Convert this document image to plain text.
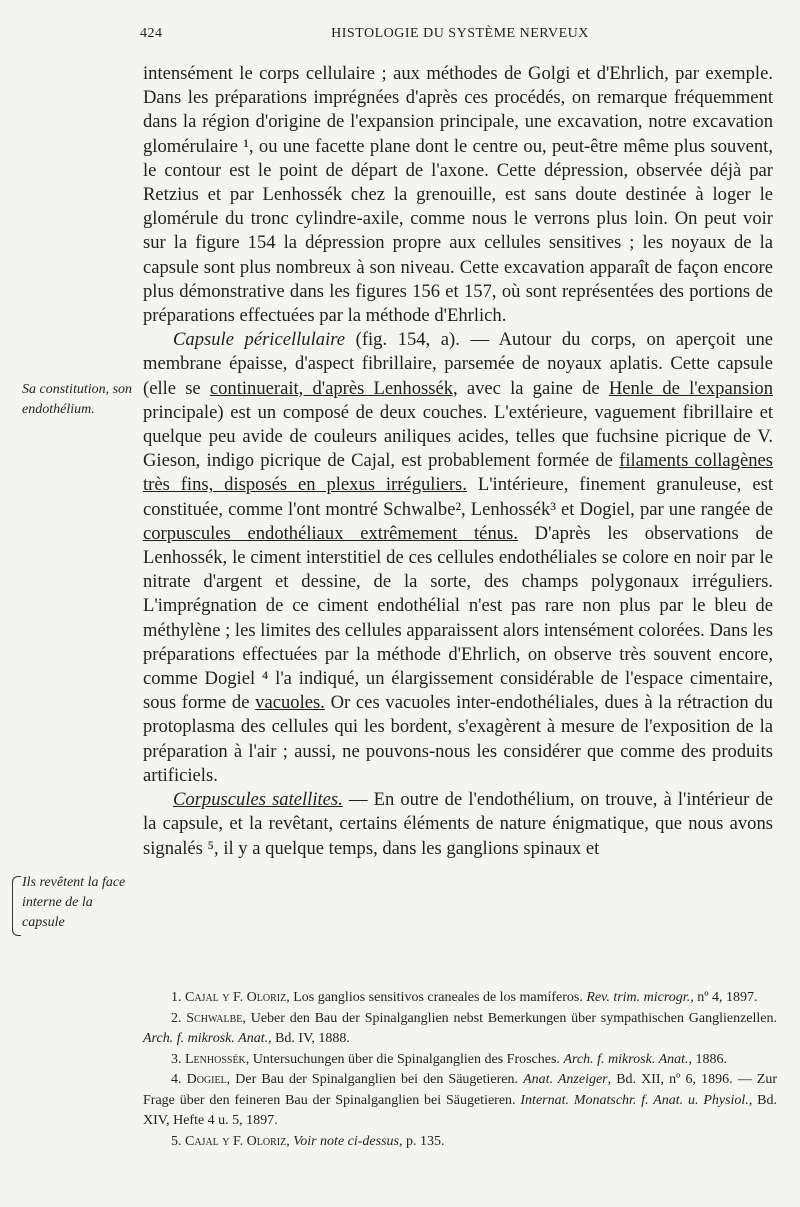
424	HISTOLOGIE DU SYSTÈME NERVEUX
Sa constitution, son endothélium.
Ils revêtent la face interne de la capsule

intensément le corps cellulaire ; aux méthodes de Golgi et d'Ehrlich, par exemple. Dans les préparations imprégnées d'après ces procédés, on remarque fréquemment dans la région d'origine de l'expansion principale, une excavation, notre excavation glomérulaire ¹, ou une facette plane dont le centre ou, peut-être même plus souvent, le contour est le point de départ de l'axone. Cette dépression, observée déjà par Retzius et par Lenhossék chez la grenouille, est sans doute destinée à loger le glomérule du tronc cylindre-axile, comme nous le verrons plus loin. On peut voir sur la figure 154 la dépression propre aux cellules sensitives ; les noyaux de la capsule sont plus nombreux à son niveau. Cette excavation apparaît de façon encore plus démonstrative dans les figures 156 et 157, où sont représentées des portions de préparations effectuées par la méthode d'Ehrlich.

Capsule péricellulaire (fig. 154, a). — Autour du corps, on aperçoit une membrane épaisse, d'aspect fibrillaire, parsemée de noyaux aplatis. Cette capsule (elle se continuerait, d'après Lenhossék, avec la gaine de Henle de l'expansion principale) est un composé de deux couches. L'extérieure, vaguement fibrillaire et quelque peu avide de couleurs aniliques acides, telles que fuchsine picrique de V. Gieson, indigo picrique de Cajal, est probablement formée de filaments collagènes très fins, disposés en plexus irréguliers. L'intérieure, finement granuleuse, est constituée, comme l'ont montré Schwalbe², Lenhossék³ et Dogiel, par une rangée de corpuscules endothéliaux extrêmement ténus. D'après les observations de Lenhossék, le ciment interstitiel de ces cellules endothéliales se colore en noir par le nitrate d'argent et dessine, de la sorte, des champs polygonaux irréguliers. L'imprégnation de ce ciment endothélial n'est pas rare non plus par le bleu de méthylène ; les limites des cellules apparaissent alors intensément colorées. Dans les préparations effectuées par la méthode d'Ehrlich, on observe très souvent encore, comme Dogiel ⁴ l'a indiqué, un élargissement considérable de l'espace cimentaire, sous forme de vacuoles. Or ces vacuoles inter-endothéliales, dues à la rétraction du protoplasma des cellules qui les bordent, s'exagèrent à mesure de l'exposition de la préparation à l'air ; aussi, ne pouvons-nous les considérer que comme des produits artificiels.

Corpuscules satellites. — En outre de l'endothélium, on trouve, à l'intérieur de la capsule, et la revêtant, certains éléments de nature énigmatique, que nous avons signalés ⁵, il y a quelque temps, dans les ganglions spinaux et

1. Cajal y F. Oloriz, Los ganglios sensitivos craneales de los mamíferos. Rev. trim. microgr., nº 4, 1897.

2. Schwalbe, Ueber den Bau der Spinalganglien nebst Bemerkungen über sympathischen Ganglienzellen. Arch. f. mikrosk. Anat., Bd. IV, 1888.

3. Lenhossék, Untersuchungen über die Spinalganglien des Frosches. Arch. f. mikrosk. Anat., 1886.

4. Dogiel, Der Bau der Spinalganglien bei den Säugetieren. Anat. Anzeiger, Bd. XII, nº 6, 1896. — Zur Frage über den feineren Bau der Spinalganglien bei Säugetieren. Internat. Monatschr. f. Anat. u. Physiol., Bd. XIV, Hefte 4 u. 5, 1897.

5. Cajal y F. Oloriz, Voir note ci-dessus, p. 135.
